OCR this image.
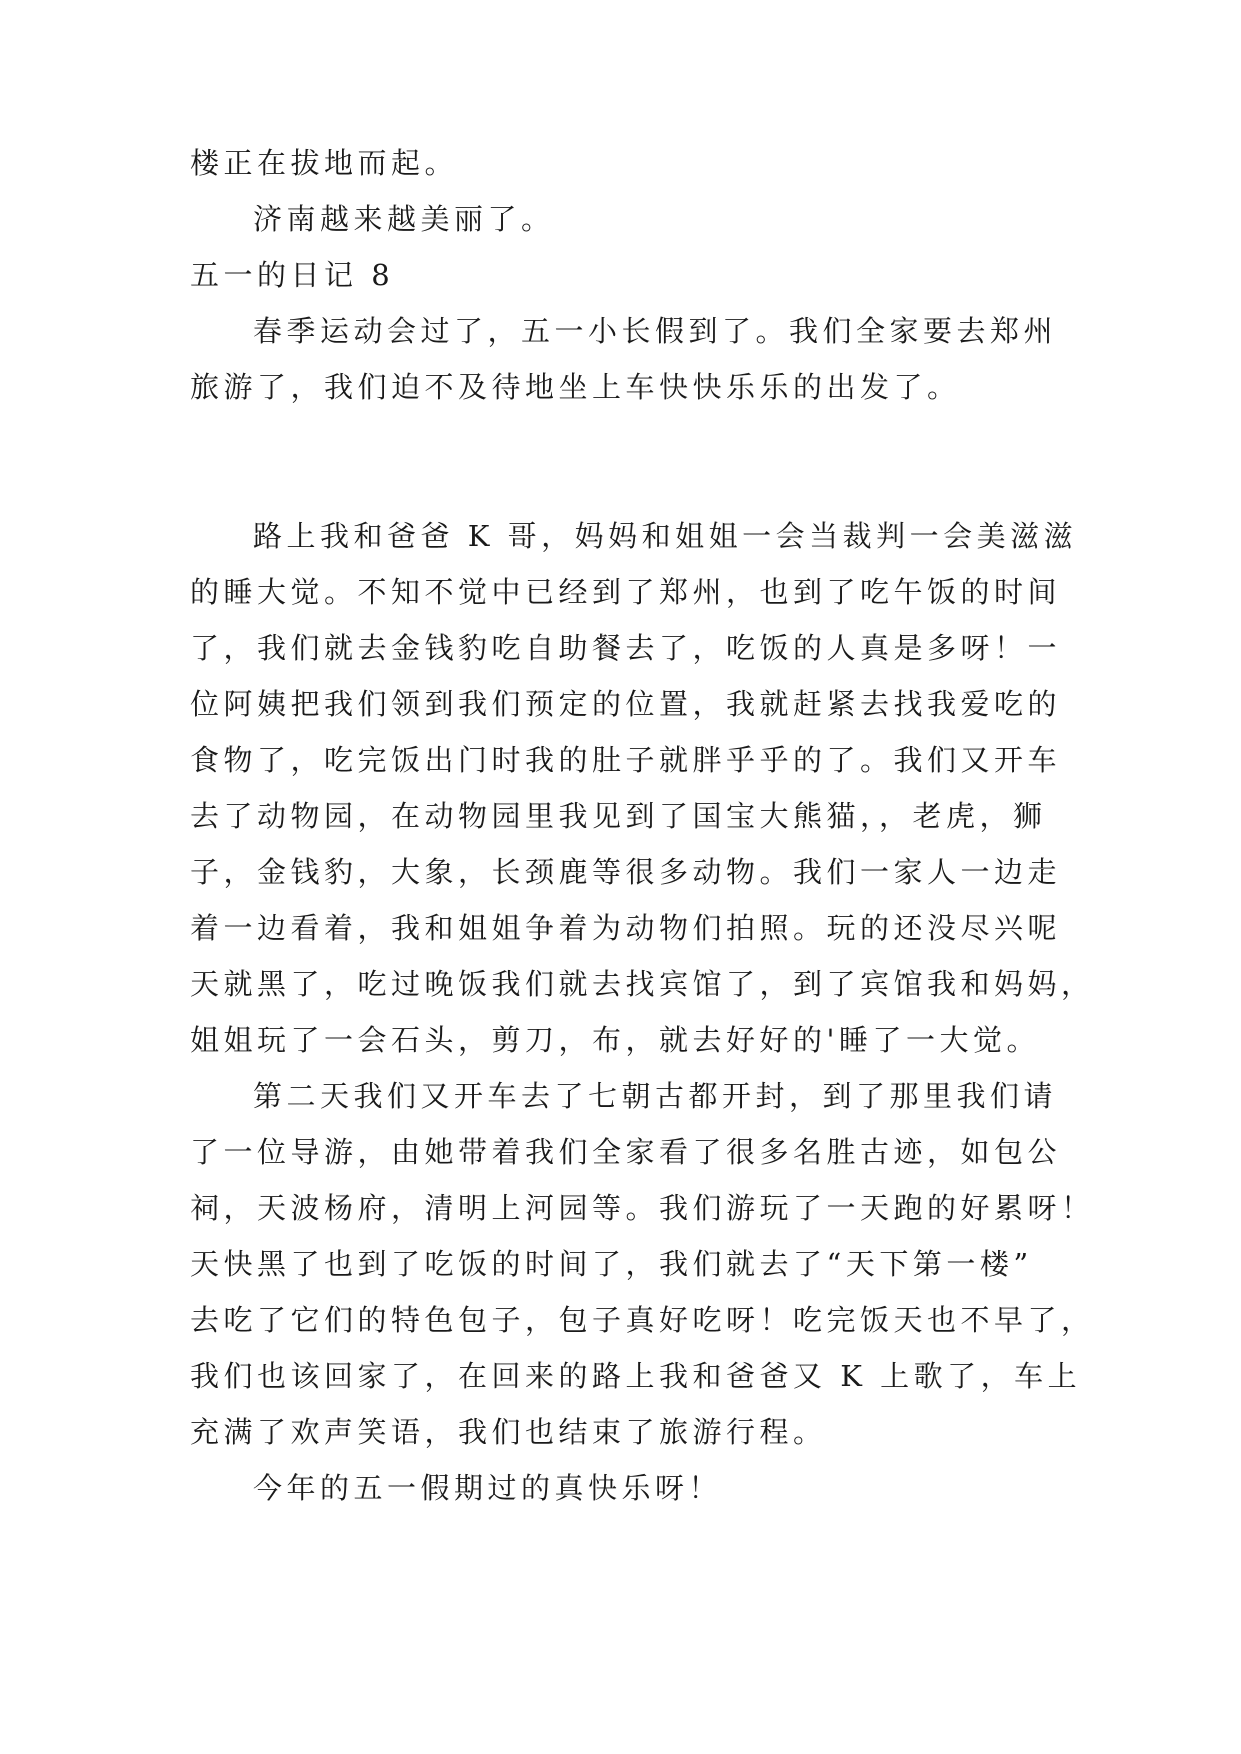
楼正在拔地而起。
济南越来越美丽了。
五一的日记 8
春季运动会过了，五一小长假到了。我们全家要去郑州
旅游了，我们迫不及待地坐上车快快乐乐的出发了。
路上我和爸爸 K 哥，妈妈和姐姐一会当裁判一会美滋滋
的睡大觉。不知不觉中已经到了郑州，也到了吃午饭的时间
了，我们就去金钱豹吃自助餐去了，吃饭的人真是多呀！一
位阿姨把我们领到我们预定的位置，我就赶紧去找我爱吃的
食物了，吃完饭出门时我的肚子就胖乎乎的了。我们又开车
去了动物园，在动物园里我见到了国宝大熊猫，，老虎，狮
子，金钱豹，大象，长颈鹿等很多动物。我们一家人一边走
着一边看着，我和姐姐争着为动物们拍照。玩的还没尽兴呢
天就黑了，吃过晚饭我们就去找宾馆了，到了宾馆我和妈妈，
姐姐玩了一会石头，剪刀，布，就去好好的'睡了一大觉。
第二天我们又开车去了七朝古都开封，到了那里我们请
了一位导游，由她带着我们全家看了很多名胜古迹，如包公
祠，天波杨府，清明上河园等。我们游玩了一天跑的好累呀！
天快黑了也到了吃饭的时间了，我们就去了“天下第一楼”
去吃了它们的特色包子，包子真好吃呀！吃完饭天也不早了，
我们也该回家了，在回来的路上我和爸爸又 K 上歌了，车上
充满了欢声笑语，我们也结束了旅游行程。
今年的五一假期过的真快乐呀！
